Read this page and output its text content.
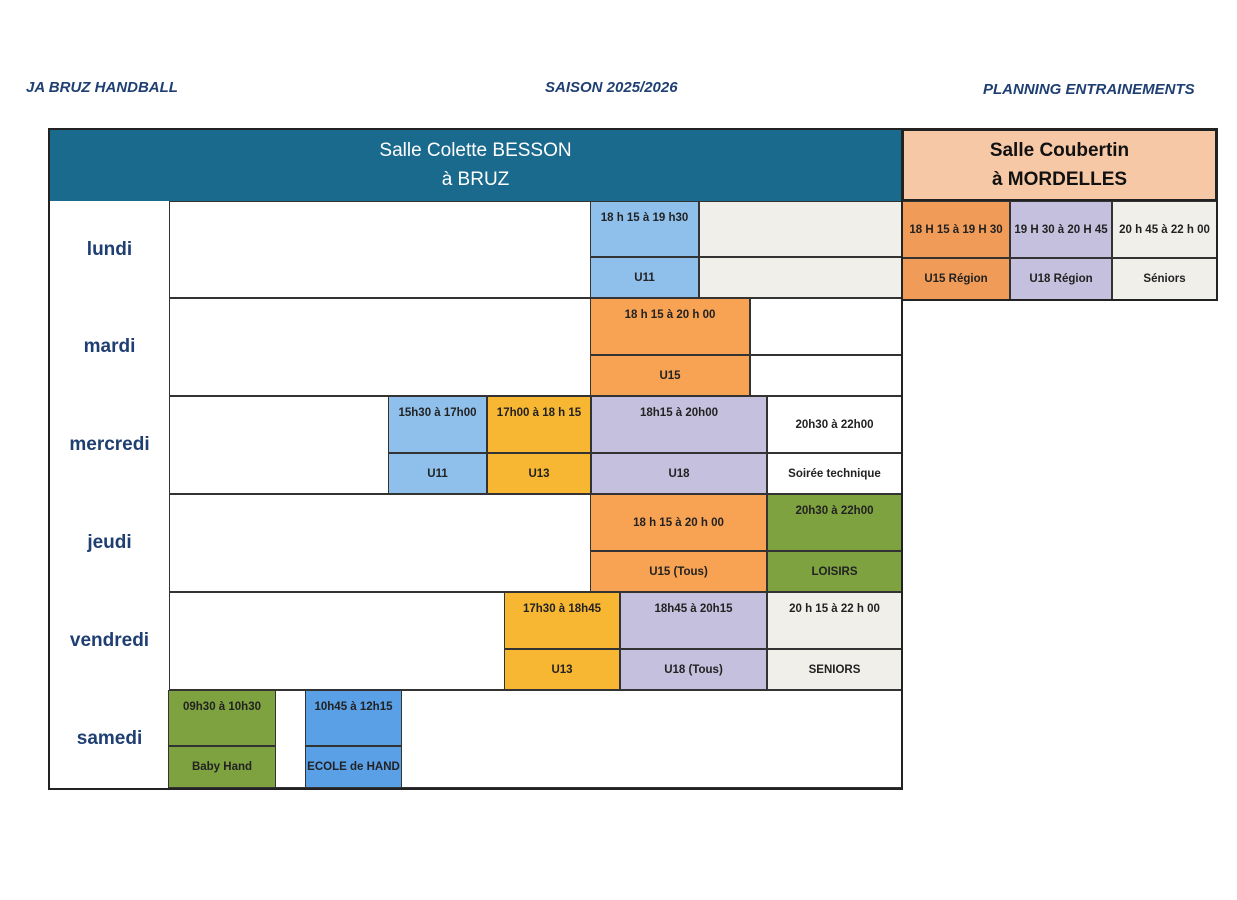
JA BRUZ HANDBALL	SAISON 2025/2026	PLANNING ENTRAINEMENTS
Salle Colette BESSON
à BRUZ
Salle Coubertin
à MORDELLES
lundi
mardi
mercredi
jeudi
vendredi
samedi
18 h 15 à 19 h30
U11
18 H 15 à 19 H 30
U15 Région
19 H 30 à 20 H 45
U18 Région
20 h 45 à 22 h 00
Séniors
18 h 15 à 20 h 00
U15
15h30 à 17h00
U11
17h00 à 18 h 15
U13
18h15 à 20h00
U18
20h30 à 22h00
Soirée technique
18 h 15 à 20 h 00
U15 (Tous)
20h30 à 22h00
LOISIRS
17h30 à 18h45
U13
18h45 à 20h15
U18 (Tous)
20 h 15 à 22 h 00
SENIORS
09h30 à 10h30
Baby Hand
10h45 à 12h15
ECOLE de HAND
